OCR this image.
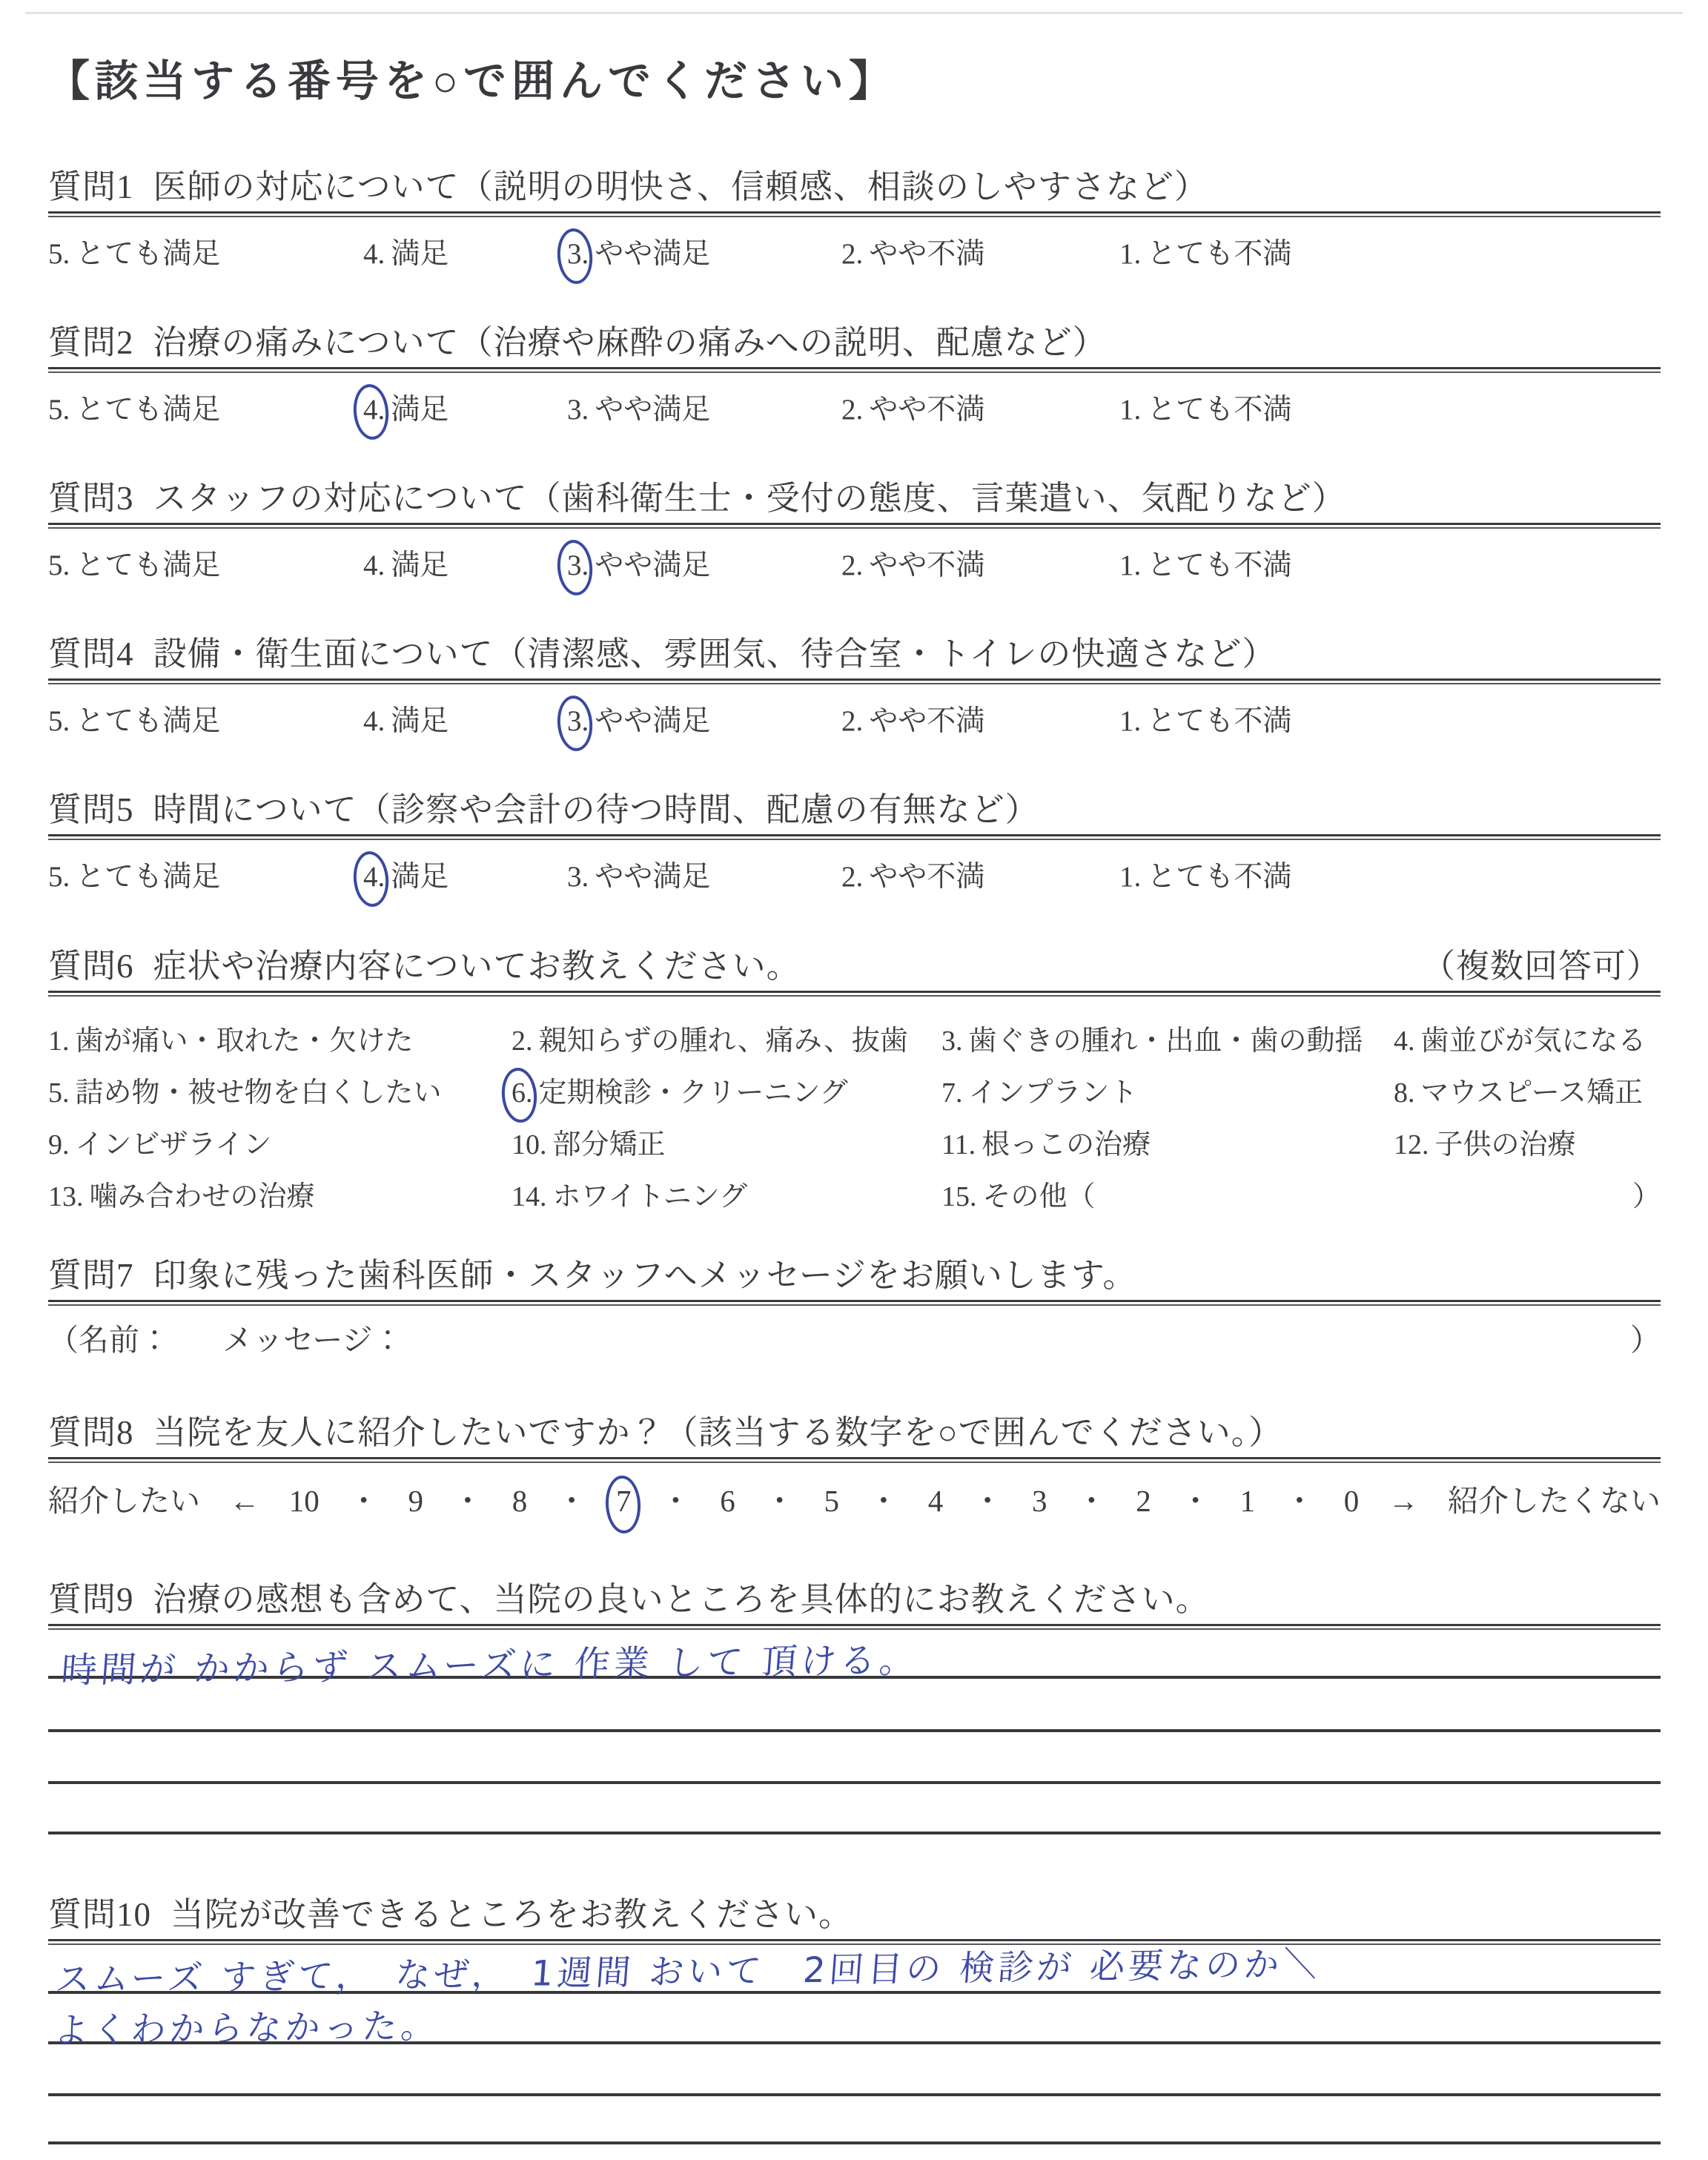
【該当する番号を○で囲んでください】
質問1 医師の対応について（説明の明快さ、信頼感、相談のしやすさなど）
5. とても満足	4. 満足	3. やや満足	2. やや不満	1. とても不満
質問2 治療の痛みについて（治療や麻酔の痛みへの説明、配慮など）
5. とても満足	4. 満足	3. やや満足	2. やや不満	1. とても不満
質問3 スタッフの対応について（歯科衛生士・受付の態度、言葉遣い、気配りなど）
5. とても満足	4. 満足	3. やや満足	2. やや不満	1. とても不満
質問4 設備・衛生面について（清潔感、雰囲気、待合室・トイレの快適さなど）
5. とても満足	4. 満足	3. やや満足	2. やや不満	1. とても不満
質問5 時間について（診察や会計の待つ時間、配慮の有無など）
5. とても満足	4. 満足	3. やや満足	2. やや不満	1. とても不満
質問6 症状や治療内容についてお教えください。	（複数回答可）
1. 歯が痛い・取れた・欠けた	2. 親知らずの腫れ、痛み、抜歯 3. 歯ぐきの腫れ・出血・歯の動揺 4. 歯並びが気になる
5. 詰め物・被せ物を白くしたい 6. 定期検診・クリーニング	7. インプラント	8. マウスピース矯正
9. インビザライン	10. 部分矯正	11. 根っこの治療	12. 子供の治療
13. 噛み合わせの治療	14. ホワイトニング	15. その他（	）
質問7 印象に残った歯科医師・スタッフへメッセージをお願いします。
（名前： メッセージ：	）
質問8 当院を友人に紹介したいですか？（該当する数字を○で囲んでください。）
紹介したい ← 10 ・ 9 ・ 8 ・ 7 ・ 6 ・ 5 ・ 4 ・ 3 ・ 2 ・ 1 ・ 0 → 紹介したくない
質問9 治療の感想も含めて、当院の良いところを具体的にお教えください。
時間が かからず スムーズに 作業 して 頂ける。
質問10 当院が改善できるところをお教えください。
スムーズ すぎて，　なぜ，　1週間 おいて　2回目の 検診が 必要なのか＼
よくわからなかった。
